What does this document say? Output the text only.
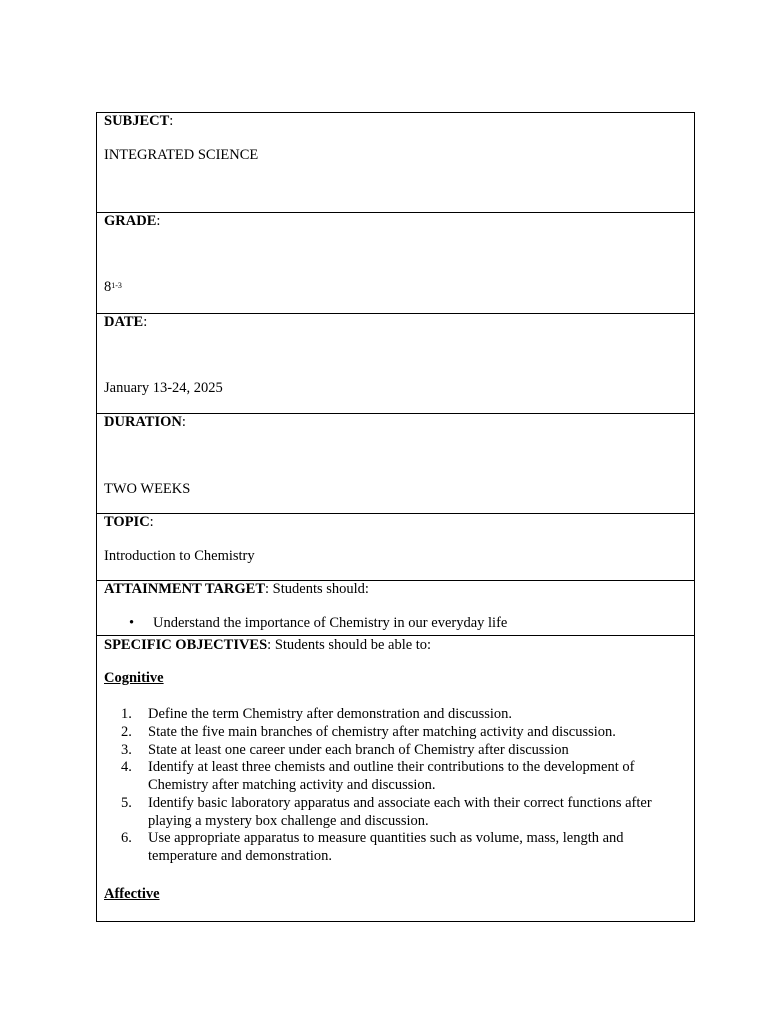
SUBJECT:
INTEGRATED SCIENCE

GRADE:
8$^{1-3}$

DATE:
January 13-24, 2025

DURATION:
TWO WEEKS

TOPIC:
Introduction to Chemistry

ATTAINMENT TARGET: Students should:
• Understand the importance of Chemistry in our everyday life

SPECIFIC OBJECTIVES: Students should be able to:
Cognitive
1. Define the term Chemistry after demonstration and discussion.
2. State the five main branches of chemistry after matching activity and discussion.
3. State at least one career under each branch of Chemistry after discussion
4. Identify at least three chemists and outline their contributions to the development of Chemistry after matching activity and discussion.
5. Identify basic laboratory apparatus and associate each with their correct functions after playing a mystery box challenge and discussion.
6. Use appropriate apparatus to measure quantities such as volume, mass, length and temperature and demonstration.
Affective
